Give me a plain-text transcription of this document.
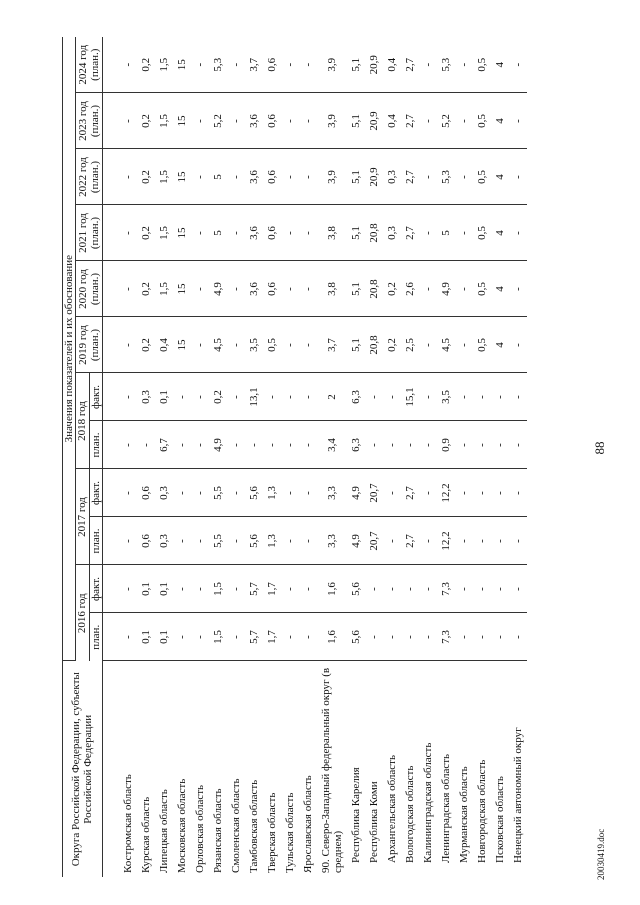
88
20030419.doc
Округа Российской Федерации, субъекты Российской Федерации	Значения показателей и их обоснование											
	2016 год		2017 год		2018 год		2019 год (план.)	2020 год (план.)	2021 год (план.)	2022 год (план.)	2023 год (план.)	2024 год (план.)
	план.	факт.	план.	факт.	план.	факт.						

Костромская область	-	-	-	-	-	-	-	-	-	-	-	-
Курская область	0,1	0,1	0,6	0,6	-	0,3	0,2	0,2	0,2	0,2	0,2	0,2
Липецкая область	0,1	0,1	0,3	0,3	6,7	0,1	0,4	1,5	1,5	1,5	1,5	1,5
Московская область	-	-	-	-	-	-	15	15	15	15	15	15
Орловская область	-	-	-	-	-	-	-	-	-	-	-	-
Рязанская область	1,5	1,5	5,5	5,5	4,9	0,2	4,5	4,9	5	5	5,2	5,3
Смоленская область	-	-	-	-	-	-	-	-	-	-	-	-
Тамбовская область	5,7	5,7	5,6	5,6	-	13,1	3,5	3,6	3,6	3,6	3,6	3,7
Тверская область	1,7	1,7	1,3	1,3	-	-	0,5	0,6	0,6	0,6	0,6	0,6
Тульская область	-	-	-	-	-	-	-	-	-	-	-	-
Ярославская область	-	-	-	-	-	-	-	-	-	-	-	-
90. Северо-Западный федеральный округ (в среднем)	1,6	1,6	3,3	3,3	3,4	2	3,7	3,8	3,8	3,9	3,9	3,9
Республика Карелия	5,6	5,6	4,9	4,9	6,3	6,3	5,1	5,1	5,1	5,1	5,1	5,1
Республика Коми	-	-	20,7	20,7	-	-	20,8	20,8	20,8	20,9	20,9	20,9
Архангельская область	-	-	-	-	-	-	0,2	0,2	0,3	0,3	0,4	0,4
Вологодская область	-	-	2,7	2,7	-	15,1	2,5	2,6	2,7	2,7	2,7	2,7
Калининградская область	-	-	-	-	-	-	-	-	-	-	-	-
Ленинградская область	7,3	7,3	12,2	12,2	0,9	3,5	4,5	4,9	5	5,3	5,2	5,3
Мурманская область	-	-	-	-	-	-	-	-	-	-	-	-
Новгородская область	-	-	-	-	-	-	0,5	0,5	0,5	0,5	0,5	0,5
Псковская область	-	-	-	-	-	-	4	4	4	4	4	4
Ненецкий автономный округ	-	-	-	-	-	-	-	-	-	-	-	-
